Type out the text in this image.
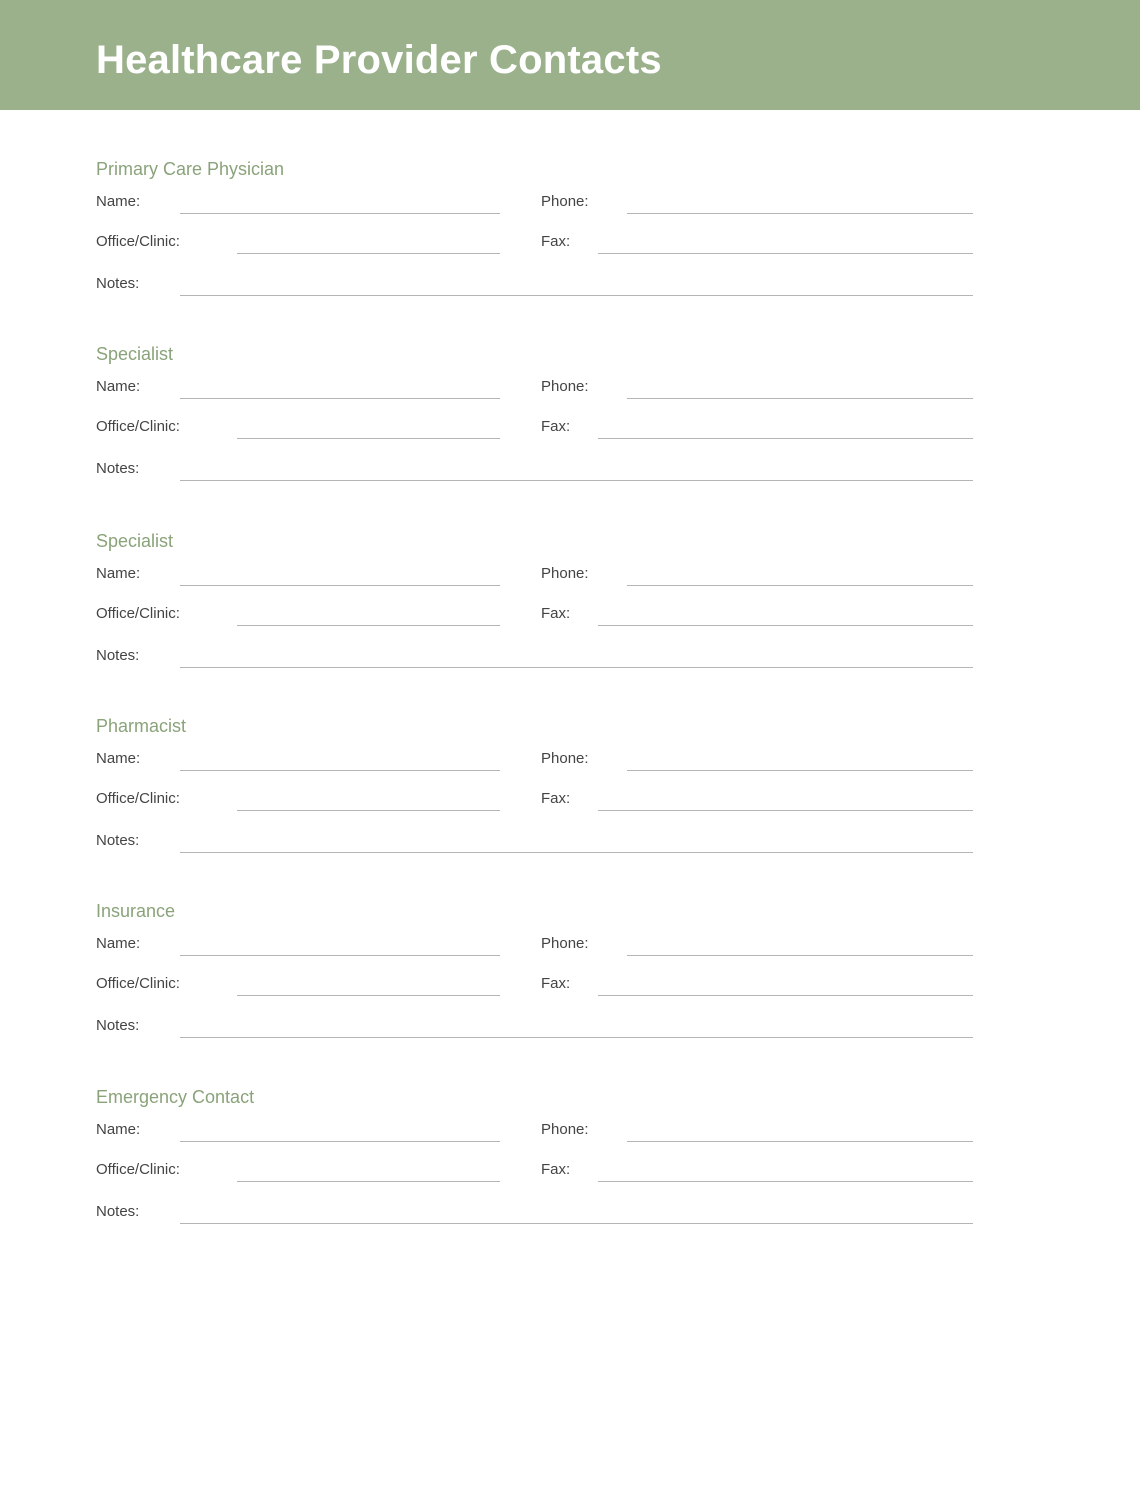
Healthcare Provider Contacts
Primary Care Physician
Name:	Phone:
Office/Clinic:	Fax:
Notes:
Specialist
Name:	Phone:
Office/Clinic:	Fax:
Notes:
Specialist
Name:	Phone:
Office/Clinic:	Fax:
Notes:
Pharmacist
Name:	Phone:
Office/Clinic:	Fax:
Notes:
Insurance
Name:	Phone:
Office/Clinic:	Fax:
Notes:
Emergency Contact
Name:	Phone:
Office/Clinic:	Fax:
Notes:
